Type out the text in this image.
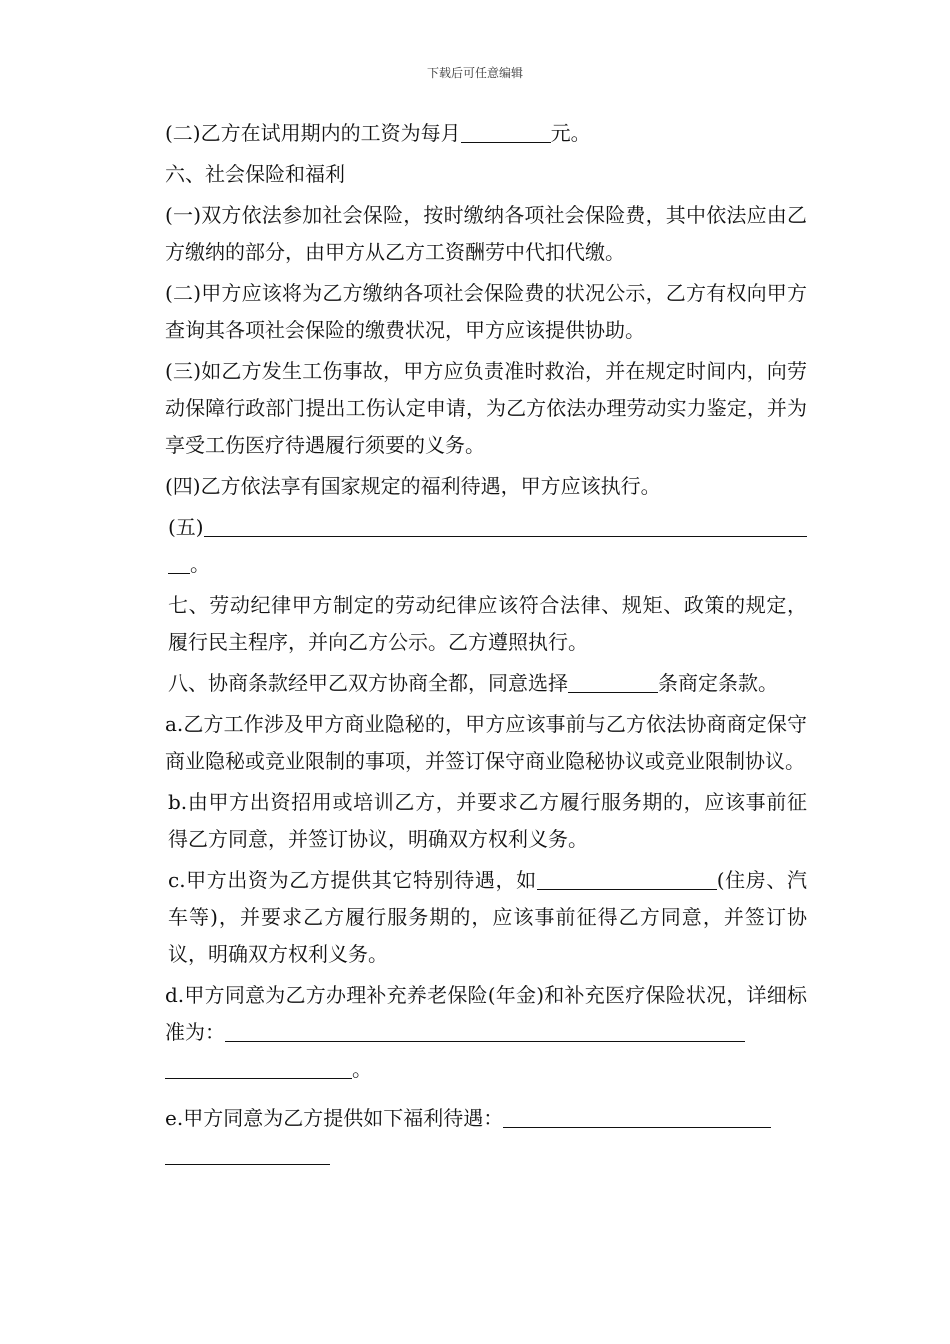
下载后可任意编辑

(二)乙方在试用期内的工资为每月	元。

六、社会保险和福利

(一)双方依法参加社会保险，按时缴纳各项社会保险费，其中依法应由乙方缴纳的部分，由甲方从乙方工资酬劳中代扣代缴。

(二)甲方应该将为乙方缴纳各项社会保险费的状况公示，乙方有权向甲方查询其各项社会保险的缴费状况，甲方应该提供协助。

(三)如乙方发生工伤事故，甲方应负责准时救治，并在规定时间内，向劳动保障行政部门提出工伤认定申请，为乙方依法办理劳动实力鉴定，并为享受工伤医疗待遇履行须要的义务。

(四)乙方依法享有国家规定的福利待遇，甲方应该执行。

(五)
。

七、劳动纪律甲方制定的劳动纪律应该符合法律、规矩、政策的规定，履行民主程序，并向乙方公示。乙方遵照执行。

八、协商条款经甲乙双方协商全都，同意选择	条商定条款。

a.乙方工作涉及甲方商业隐秘的，甲方应该事前与乙方依法协商商定保守商业隐秘或竞业限制的事项，并签订保守商业隐秘协议或竞业限制协议。

b.由甲方出资招用或培训乙方，并要求乙方履行服务期的，应该事前征得乙方同意，并签订协议，明确双方权利义务。

c.甲方出资为乙方提供其它特别待遇，如	(住房、汽车等)，并要求乙方履行服务期的，应该事前征得乙方同意，并签订协议，明确双方权利义务。

d.甲方同意为乙方办理补充养老保险(年金)和补充医疗保险状况，详细标准为：
。

e.甲方同意为乙方提供如下福利待遇：
